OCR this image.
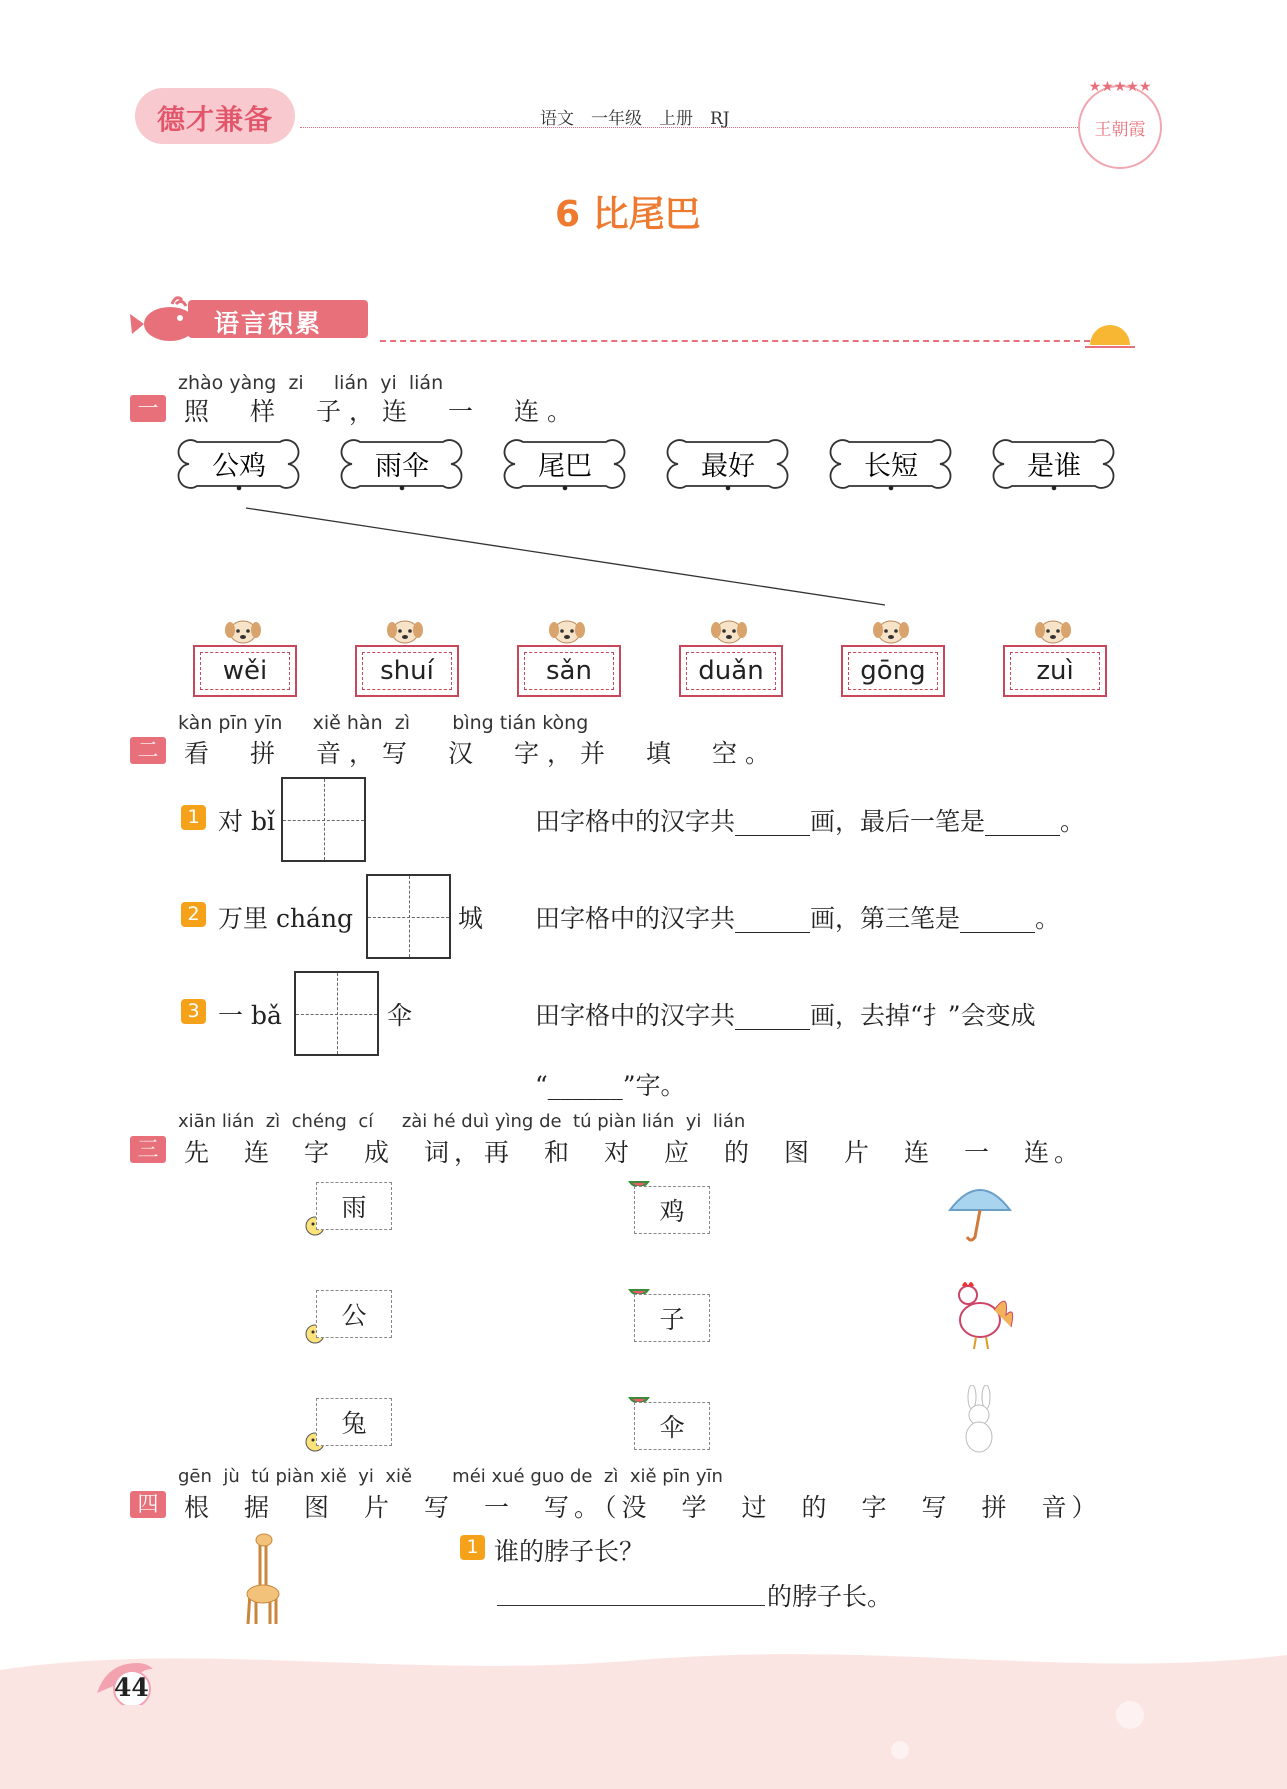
德才兼备	语文　一年级　上册　RJ
★★★★★
王朝霞
6 比尾巴
语言积累
zhào yàng zi lián yi lián
一	照　样　子，连　一　连。
公鸡	雨伞	尾巴	最好	长短	是谁
wěi	shuí	sǎn	duǎn	gōng	zuì
kàn pīn yīn xiě hàn zì bìng tián kòng
二	看　拼　音，写　汉　字，并　填　空。
1 对 bǐ	田字格中的汉字共______画，最后一笔是______。
2 万里 cháng	城 田字格中的汉字共______画，第三笔是______。
3 一 bǎ	伞	田字格中的汉字共______画，去掉“扌”会变成
“______”字。
xiān lián zì chéng cí zài hé duì yìng de tú piàn lián yi lián
三	先　连　字　成　词，再　和　对　应　的　图　片　连　一　连。
雨	鸡
公	子
兔	伞
gēn jù tú piàn xiě yi xiě méi xué guo de zì xiě pīn yīn
四	根　据　图　片　写　一　写。（没　学　过　的　字　写　拼　音）
1 谁的脖子长？
的脖子长。
44
